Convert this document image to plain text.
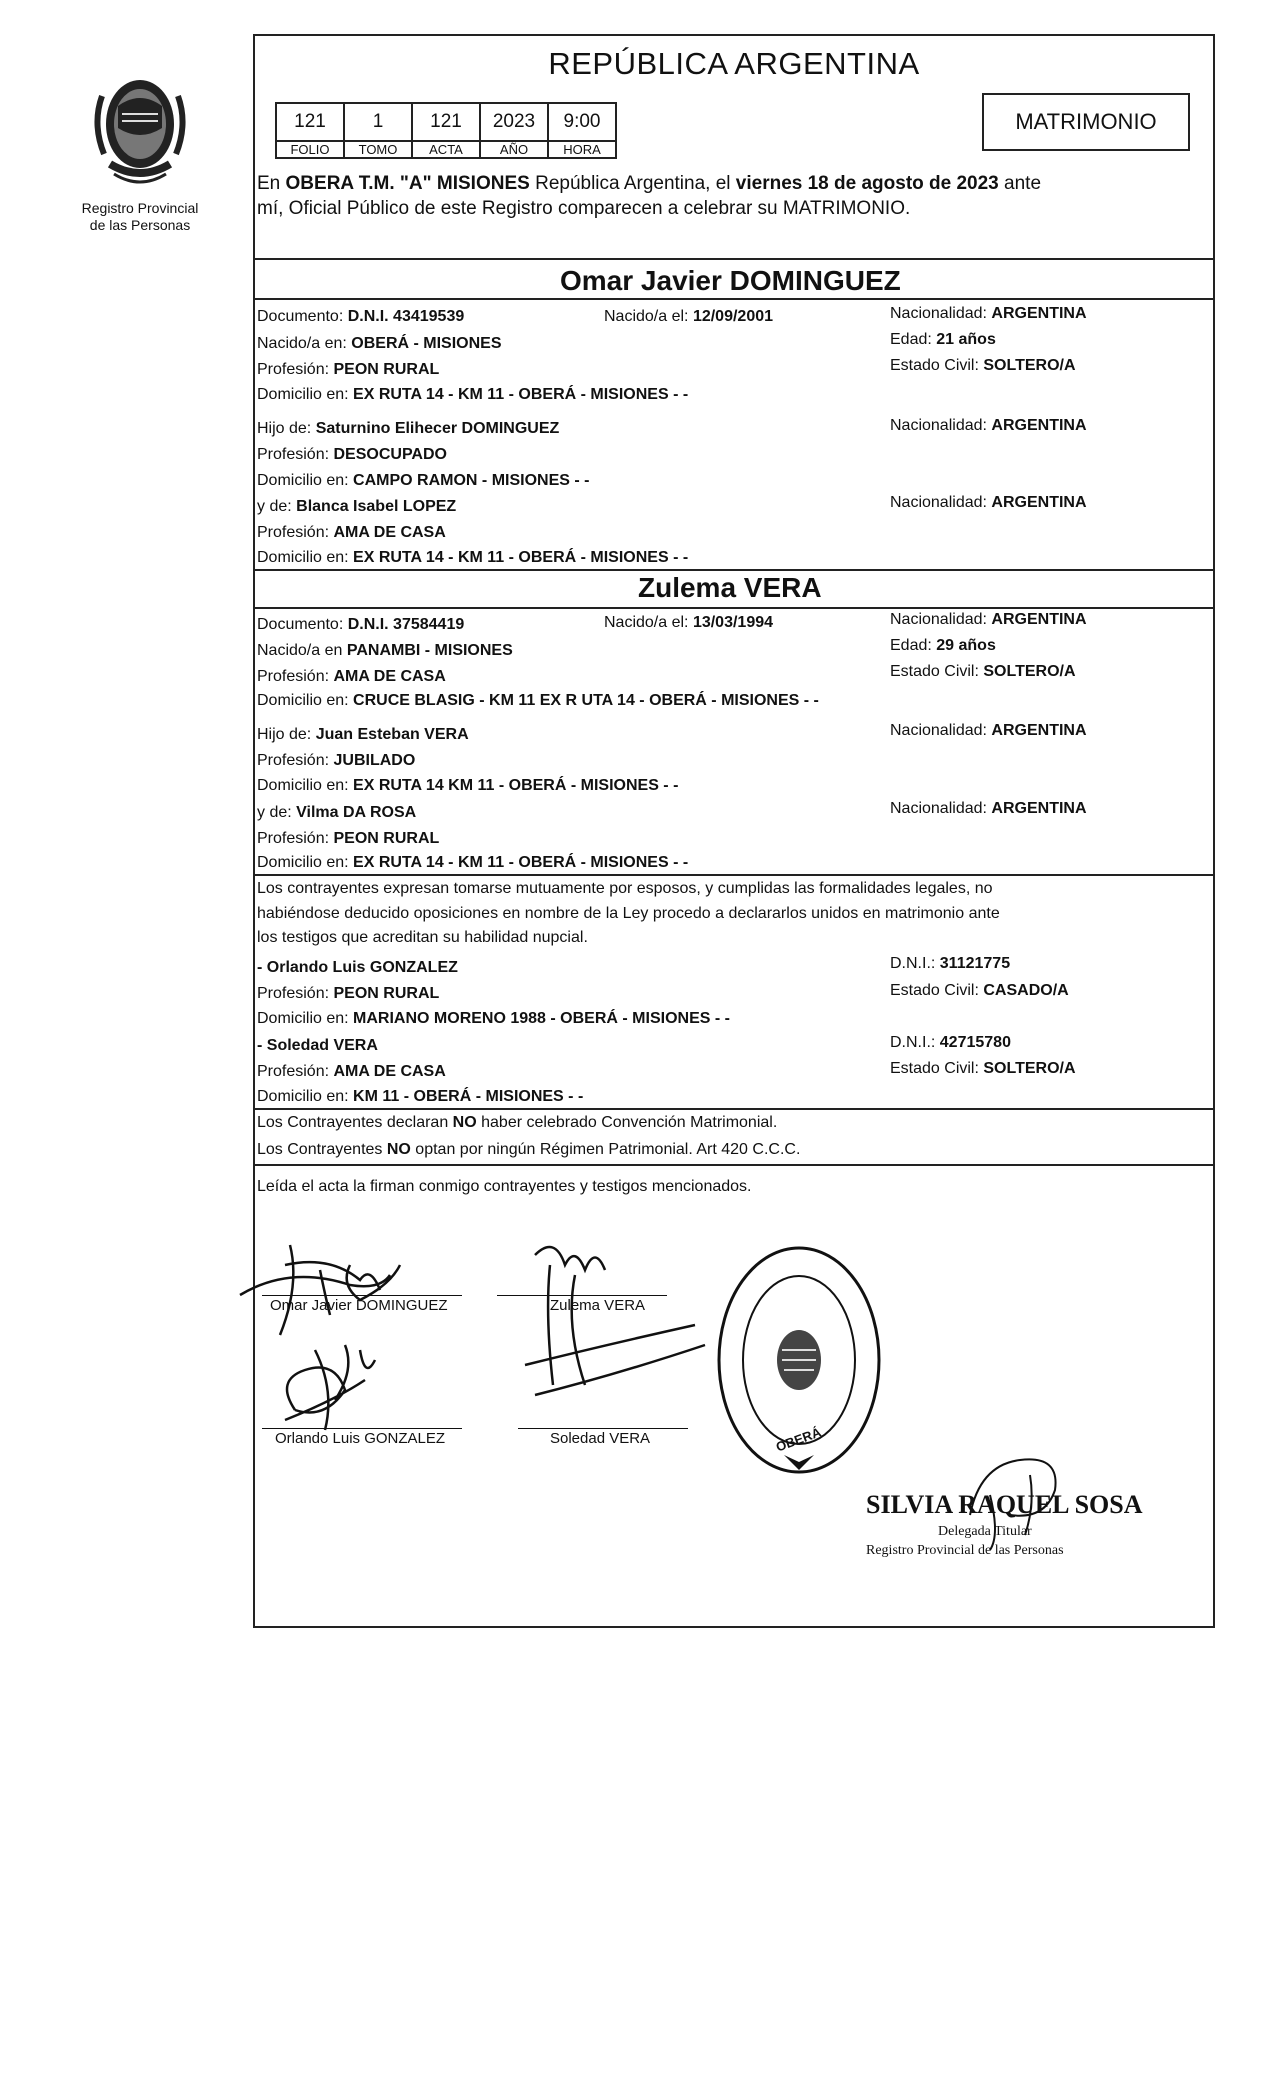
Registro Provincial
de las Personas
REPÚBLICA ARGENTINA
121	1	121	2023	9:00
FOLIO	TOMO	ACTA	AÑO	HORA
MATRIMONIO
En OBERA T.M. "A" MISIONES República Argentina, el viernes 18 de agosto de 2023 ante
mí, Oficial Público de este Registro comparecen a celebrar su MATRIMONIO.
Omar Javier DOMINGUEZ
Documento: D.N.I. 43419539	Nacido/a el: 12/09/2001	Nacionalidad: ARGENTINA
Nacido/a en: OBERÁ - MISIONES	Edad: 21 años
Profesión: PEON RURAL	Estado Civil: SOLTERO/A
Domicilio en: EX RUTA 14 - KM 11 - OBERÁ - MISIONES - -
Hijo de: Saturnino Elihecer DOMINGUEZ	Nacionalidad: ARGENTINA
Profesión: DESOCUPADO
Domicilio en: CAMPO RAMON - MISIONES - -
y de: Blanca Isabel LOPEZ	Nacionalidad: ARGENTINA
Profesión: AMA DE CASA
Domicilio en: EX RUTA 14 - KM 11 - OBERÁ - MISIONES - -
Zulema VERA
Documento: D.N.I. 37584419	Nacido/a el: 13/03/1994	Nacionalidad: ARGENTINA
Nacido/a en PANAMBI - MISIONES	Edad: 29 años
Profesión: AMA DE CASA	Estado Civil: SOLTERO/A
Domicilio en: CRUCE BLASIG - KM 11 EX R UTA 14 - OBERÁ - MISIONES - -
Hijo de: Juan Esteban VERA	Nacionalidad: ARGENTINA
Profesión: JUBILADO
Domicilio en: EX RUTA 14 KM 11 - OBERÁ - MISIONES - -
y de: Vilma DA ROSA	Nacionalidad: ARGENTINA
Profesión: PEON RURAL
Domicilio en: EX RUTA 14 - KM 11 - OBERÁ - MISIONES - -
Los contrayentes expresan tomarse mutuamente por esposos, y cumplidas las formalidades legales, no
habiéndose deducido oposiciones en nombre de la Ley procedo a declararlos unidos en matrimonio ante
los testigos que acreditan su habilidad nupcial.
- Orlando Luis GONZALEZ	D.N.I.: 31121775
Profesión: PEON RURAL	Estado Civil: CASADO/A
Domicilio en: MARIANO MORENO 1988 - OBERÁ - MISIONES - -
- Soledad VERA	D.N.I.: 42715780
Profesión: AMA DE CASA	Estado Civil: SOLTERO/A
Domicilio en: KM 11 - OBERÁ - MISIONES - -
Los Contrayentes declaran NO haber celebrado Convención Matrimonial.
Los Contrayentes NO optan por ningún Régimen Patrimonial. Art 420 C.C.C.
Leída el acta la firman conmigo contrayentes y testigos mencionados.
Omar Javier DOMINGUEZ	Zulema VERA
Orlando Luis GONZALEZ	Soledad VERA	OBERÁ
SILVIA RAQUEL SOSA
Delegada Titular
Registro Provincial de las Personas
